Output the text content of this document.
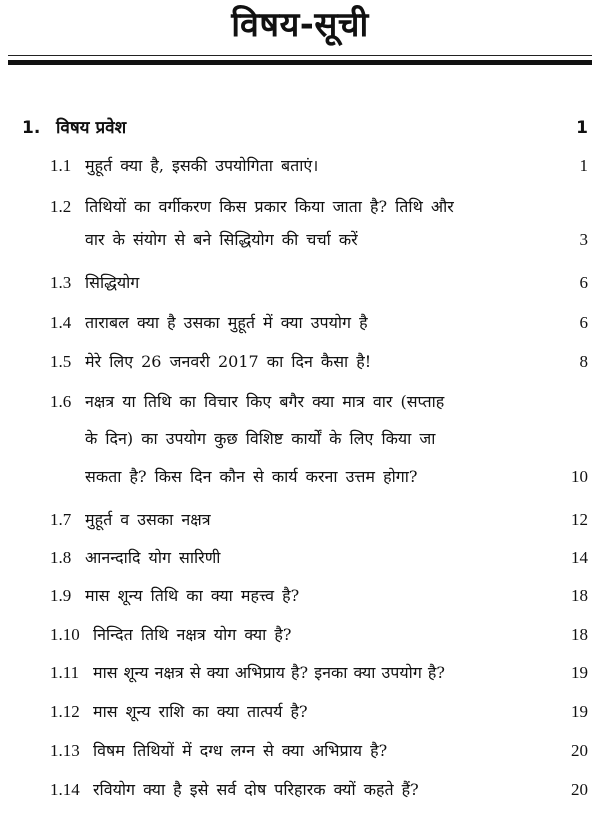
विषय-सूची
1. विषय प्रवेश	1
1.1 मुहूर्त क्या है, इसकी उपयोगिता बताएं।	1
1.2 तिथियों का वर्गीकरण किस प्रकार किया जाता है? तिथि और
वार के संयोग से बने सिद्धियोग की चर्चा करें	3
1.3 सिद्धियोग	6
1.4 ताराबल क्या है उसका मुहूर्त में क्या उपयोग है	6
1.5 मेरे लिए 26 जनवरी 2017 का दिन कैसा है!	8
1.6 नक्षत्र या तिथि का विचार किए बगैर क्या मात्र वार (सप्ताह
के दिन) का उपयोग कुछ विशिष्ट कार्यों के लिए किया जा
सकता है? किस दिन कौन से कार्य करना उत्तम होगा?	10
1.7 मुहूर्त व उसका नक्षत्र	12
1.8 आनन्दादि योग सारिणी	14
1.9 मास शून्य तिथि का क्या महत्त्व है?	18
1.10 निन्दित तिथि नक्षत्र योग क्या है?	18
1.11 मास शून्य नक्षत्र से क्या अभिप्राय है? इनका क्या उपयोग है?	19
1.12 मास शून्य राशि का क्या तात्पर्य है?	19
1.13 विषम तिथियों में दग्ध लग्न से क्या अभिप्राय है?	20
1.14 रवियोग क्या है इसे सर्व दोष परिहारक क्यों कहते हैं?	20
